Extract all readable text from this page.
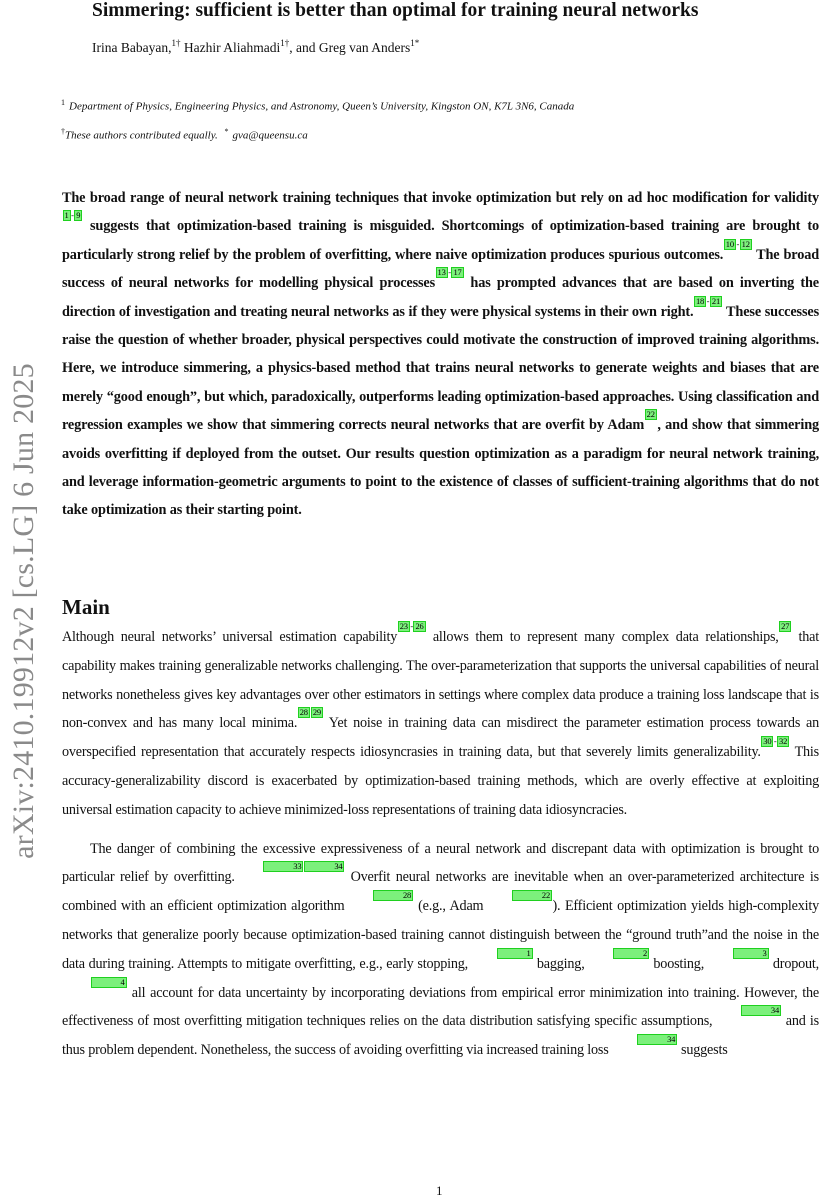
arXiv:2410.19912v2 [cs.LG] 6 Jun 2025
Simmering: sufficient is better than optimal for training neural networks
Irina Babayan,$^{1\dagger}$ Hazhir Aliahmadi$^{1\dagger}$, and Greg van Anders$^{1*}$
$^1$ Department of Physics, Engineering Physics, and Astronomy, Queen’s University, Kingston ON, K7L 3N6, Canada
†These authors contributed equally. * gva@queensu.ca
The broad range of neural network training techniques that invoke optimization but rely on ad hoc modification for validity1 - 9 suggests that optimization-based training is misguided. Shortcomings of optimization-based training are brought to particularly strong relief by the problem of overfitting, where naive optimization produces spurious outcomes.10 - 12 The broad success of neural networks for modelling physical processes13 - 17 has prompted advances that are based on inverting the direction of investigation and treating neural networks as if they were physical systems in their own right.18 - 21 These successes raise the question of whether broader, physical perspectives could motivate the construction of improved training algorithms. Here, we introduce simmering, a physics-based method that trains neural networks to generate weights and biases that are merely “good enough”, but which, paradoxically, outperforms leading optimization-based approaches. Using classification and regression examples we show that simmering corrects neural networks that are overfit by Adam22, and show that simmering avoids overfitting if deployed from the outset. Our results question optimization as a paradigm for neural network training, and leverage information-geometric arguments to point to the existence of classes of sufficient-training algorithms that do not take optimization as their starting point.
Main

Although neural networks’ universal estimation capability23 - 26 allows them to represent many complex data relationships,27 that capability makes training generalizable networks challenging. The over-parameterization that supports the universal capabilities of neural networks nonetheless gives key advantages over other estimators in settings where complex data produce a training loss landscape that is non-convex and has many local minima.28 29 Yet noise in training data can misdirect the parameter estimation process towards an overspecified representation that accurately respects idiosyncrasies in training data, but that severely limits generalizability.30 - 32 This accuracy-generalizability discord is exacerbated by optimization-based training methods, which are overly effective at exploiting universal estimation capacity to achieve minimized-loss representations of training data idiosyncracies.

The danger of combining the excessive expressiveness of a neural network and discrepant data with optimization is brought to particular relief by overfitting.33	34 Overfit neural networks are inevitable when an over-parameterized architecture is combined with an efficient optimization algorithm28 (e.g., Adam22). Efficient optimization yields high-complexity networks that generalize poorly because optimization-based training cannot distinguish between the “ground truth”and the noise in the data during training. Attempts to mitigate overfitting, e.g., early stopping,1 bagging,2 boosting,3 dropout,4 all account for data uncertainty by incorporating deviations from empirical error minimization into training. However, the effectiveness of most overfitting mitigation techniques relies on the data distribution satisfying specific assumptions,34 and is thus problem dependent. Nonetheless, the success of avoiding overfitting via increased training loss34 suggests

1
